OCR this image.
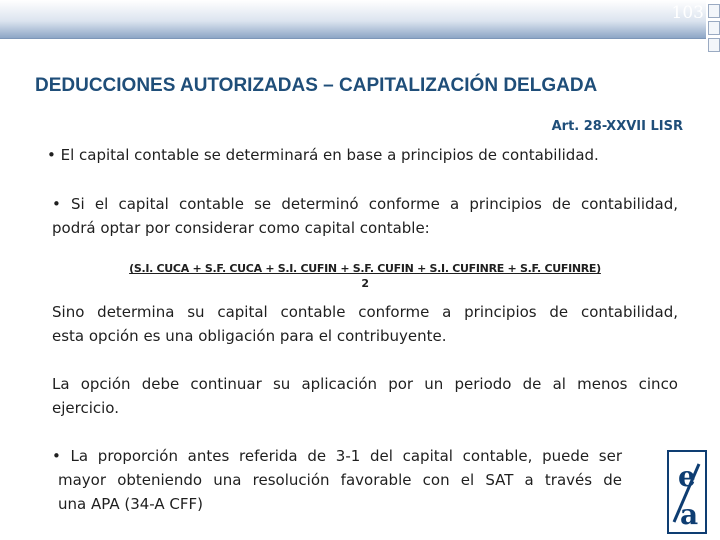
103
DEDUCCIONES AUTORIZADAS – CAPITALIZACIÓN DELGADA
Art. 28-XXVII LISR
• El capital contable se determinará en base a principios de contabilidad.
• Si el capital contable se determinó conforme a principios de contabilidad,
podrá optar por considerar como capital contable:
(S.I. CUCA + S.F. CUCA + S.I. CUFIN + S.F. CUFIN + S.I. CUFINRE + S.F. CUFINRE)
2
Sino determina su capital contable conforme a principios de contabilidad,
esta opción es una obligación para el contribuyente.
La opción debe continuar su aplicación por un periodo de al menos cinco
ejercicio.
• La proporción antes referida de 3-1 del capital contable, puede ser
mayor obteniendo una resolución favorable con el SAT a través de
una APA (34-A CFF)
e
a
